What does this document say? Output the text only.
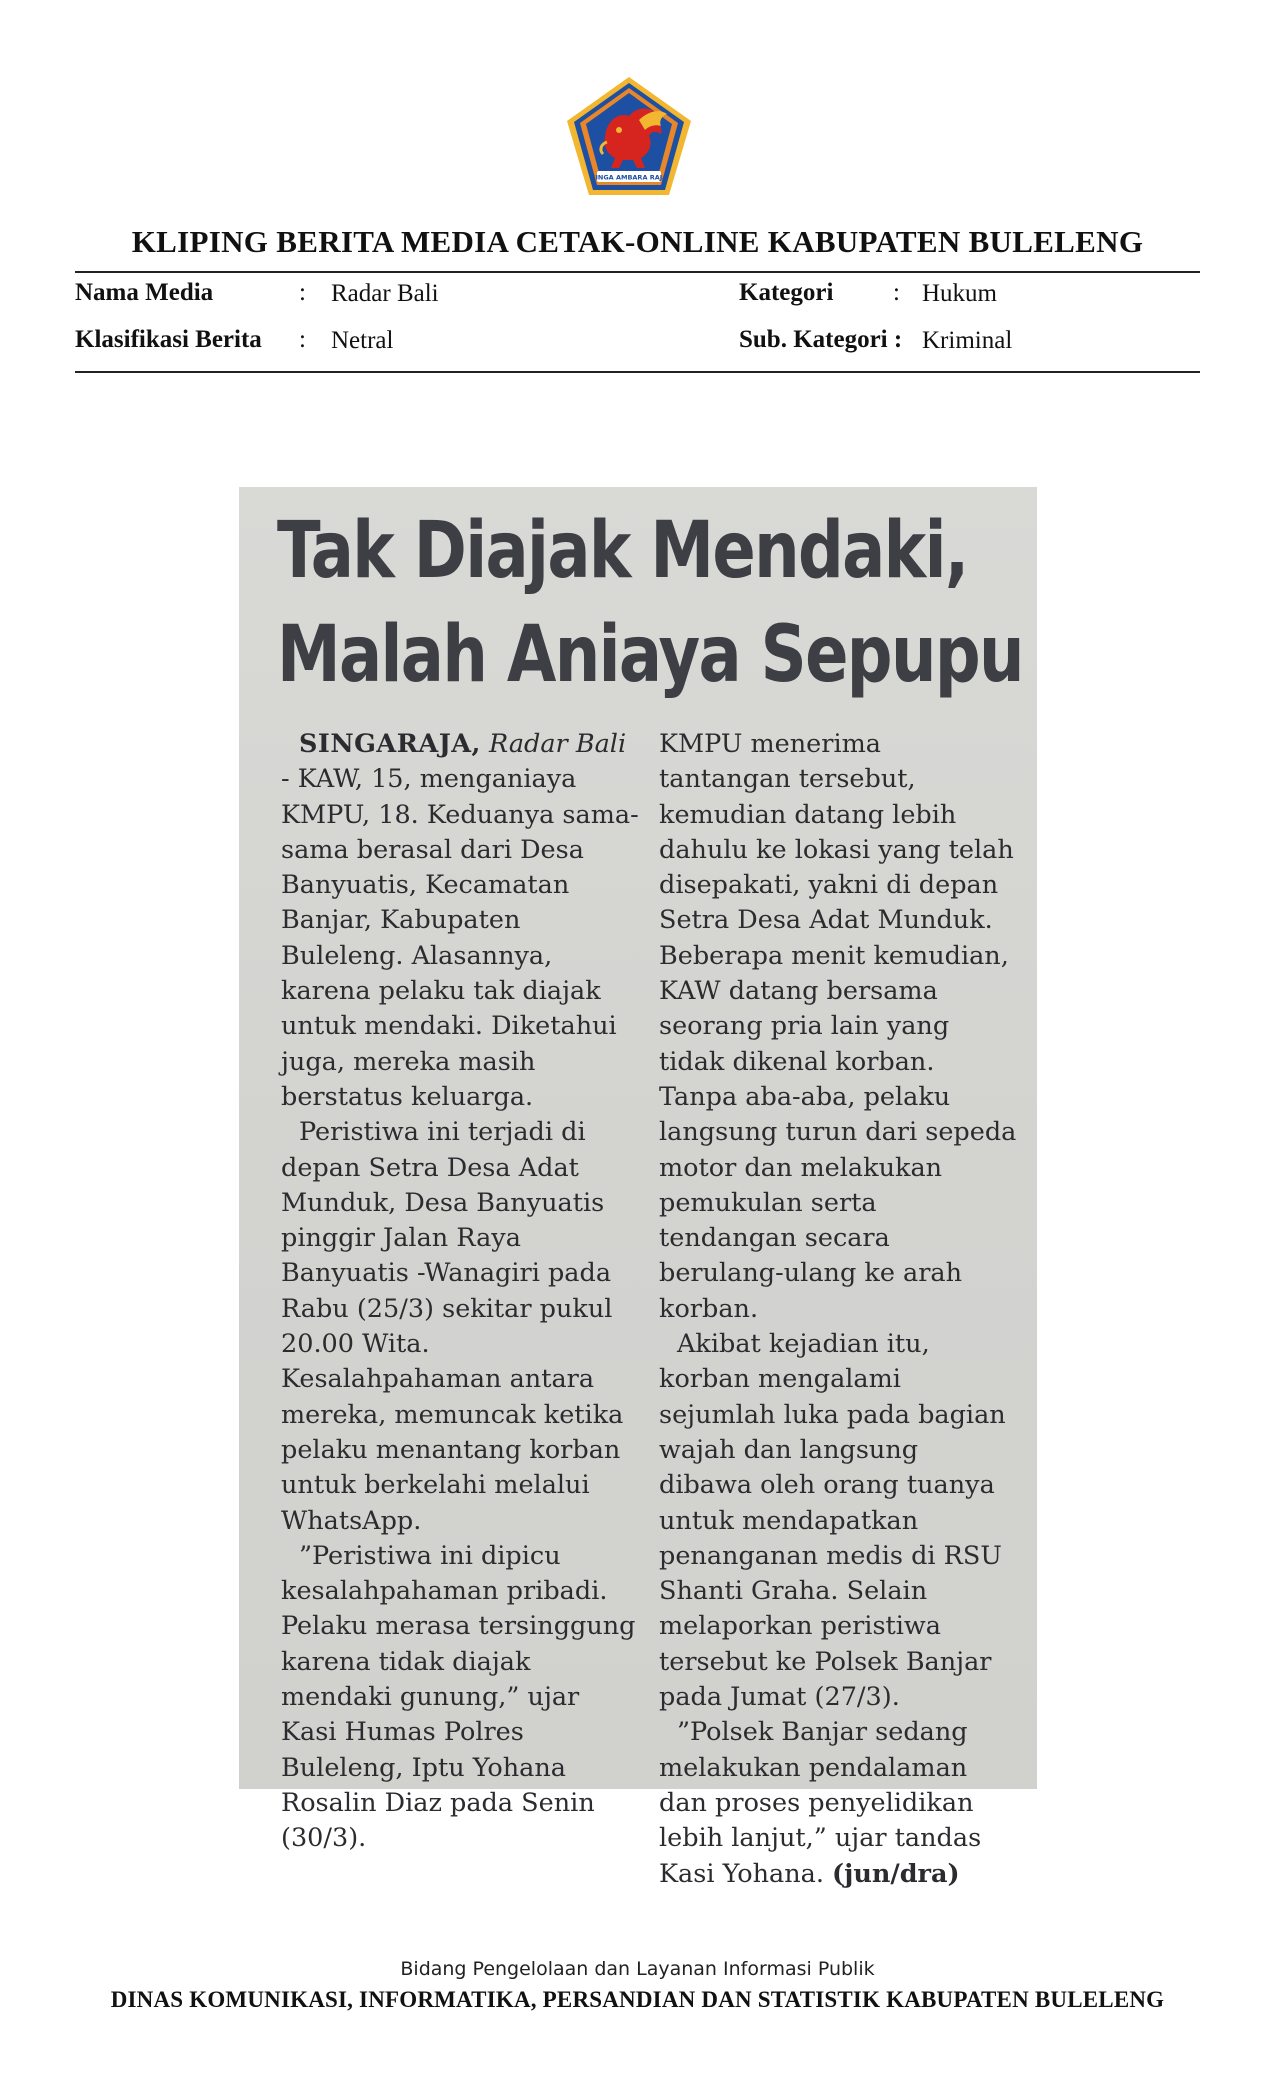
SINGA AMBARA RAJA
KLIPING BERITA MEDIA CETAK-ONLINE KABUPATEN BULELENG
Nama Media	: Radar Bali
Klasifikasi Berita : Netral
Kategori : Hukum
Sub. Kategori : Kriminal
Tak Diajak Mendaki,
Malah Aniaya Sepupu

SINGARAJA, Radar Bali - KAW, 15, menganiaya KMPU, 18. Keduanya sama-sama berasal dari Desa Banyuatis, Kecamatan Banjar, Kabupaten Buleleng. Alasannya, karena pelaku tak diajak untuk mendaki. Diketahui juga, mereka masih berstatus keluarga.

Peristiwa ini terjadi di depan Setra Desa Adat Munduk, Desa Banyuatis pinggir Jalan Raya Banyuatis -Wanagiri pada Rabu (25/3) sekitar pukul 20.00 Wita. Kesalahpahaman antara mereka, memuncak ketika pelaku menantang korban untuk berkelahi melalui WhatsApp.

”Peristiwa ini dipicu kesalahpahaman pribadi. Pelaku merasa tersinggung karena tidak diajak mendaki gunung,” ujar Kasi Humas Polres Buleleng, Iptu Yohana Rosalin Diaz pada Senin (30/3).

KMPU menerima tantangan tersebut, kemudian datang lebih dahulu ke lokasi yang telah disepakati, yakni di depan Setra Desa Adat Munduk. Beberapa menit kemudian, KAW datang bersama seorang pria lain yang tidak dikenal korban. Tanpa aba-aba, pelaku langsung turun dari sepeda motor dan melakukan pemukulan serta tendangan secara berulang-ulang ke arah korban.

Akibat kejadian itu, korban mengalami sejumlah luka pada bagian wajah dan langsung dibawa oleh orang tuanya untuk mendapatkan penanganan medis di RSU Shanti Graha. Selain melaporkan peristiwa tersebut ke Polsek Banjar pada Jumat (27/3).

”Polsek Banjar sedang melakukan pendalaman dan proses penyelidikan lebih lanjut,” ujar tandas Kasi Yohana. (jun/dra)

Bidang Pengelolaan dan Layanan Informasi Publik
DINAS KOMUNIKASI, INFORMATIKA, PERSANDIAN DAN STATISTIK KABUPATEN BULELENG
